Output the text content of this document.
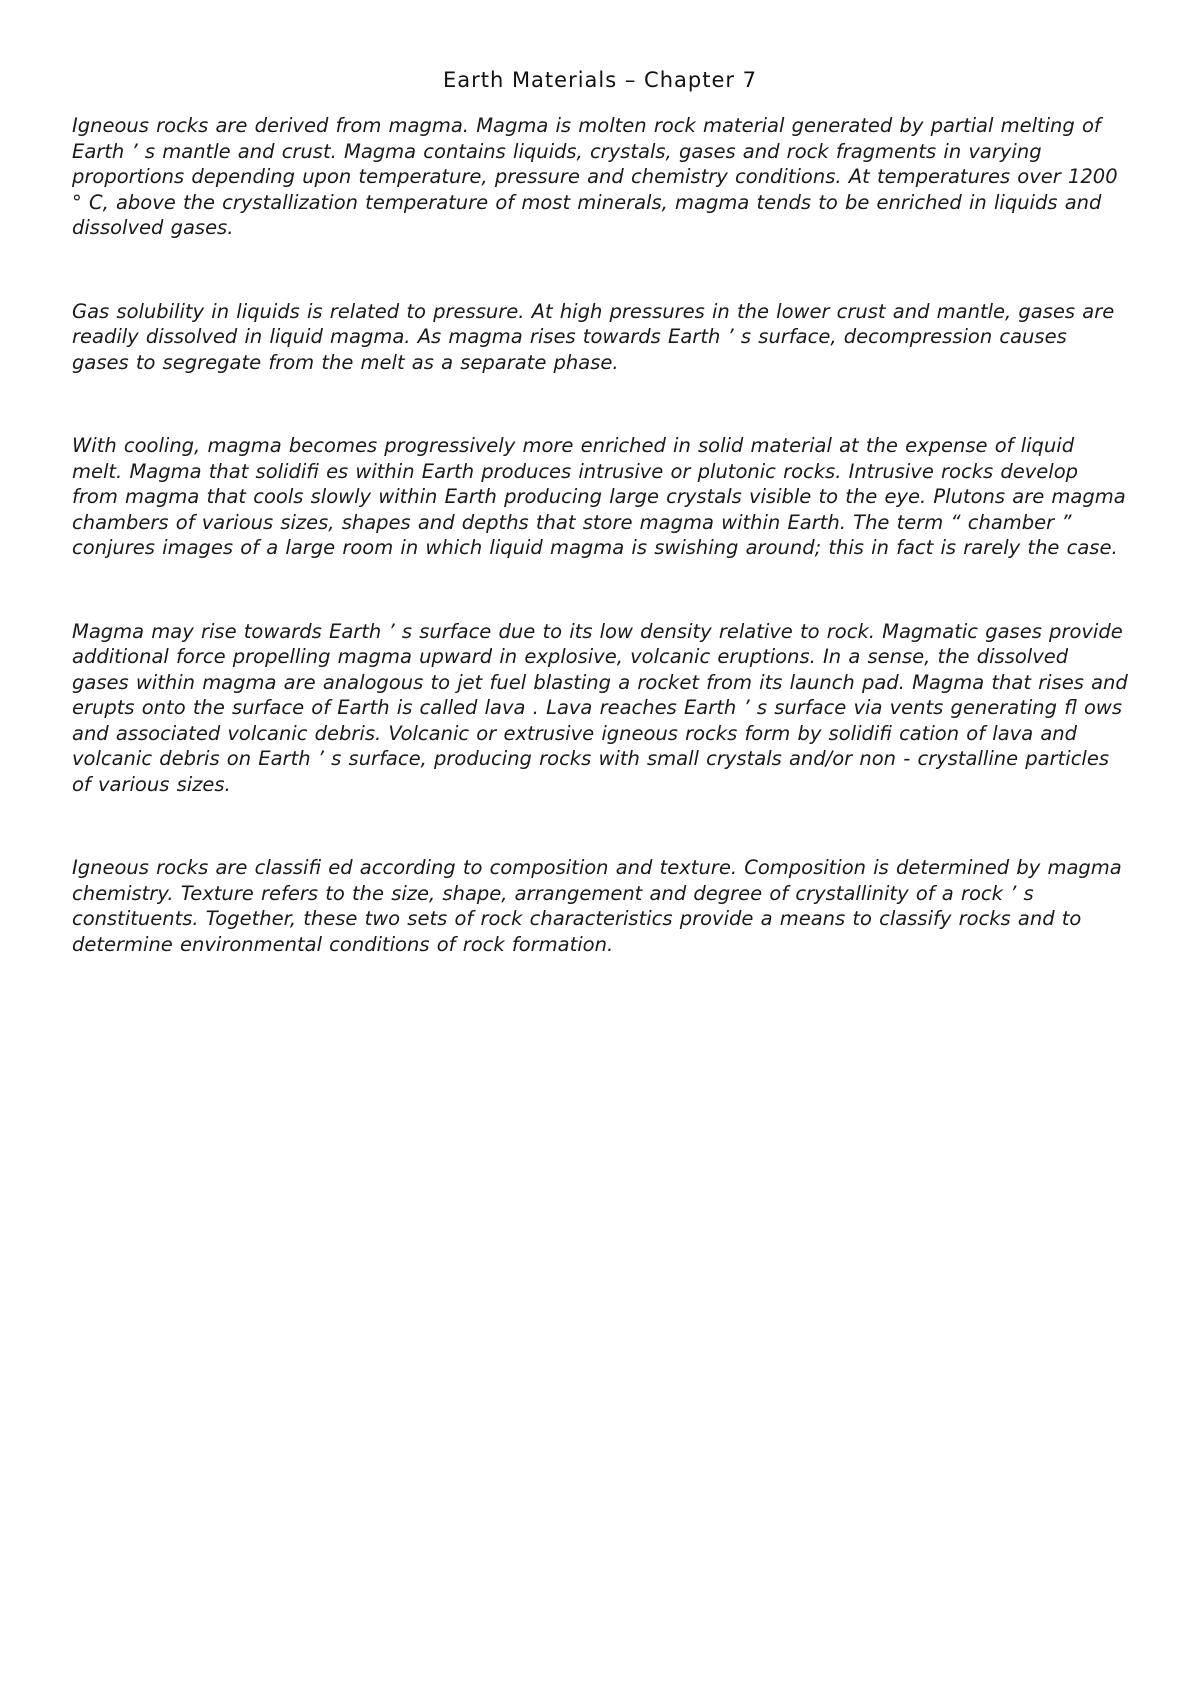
Earth Materials – Chapter 7

Igneous rocks are derived from magma. Magma is molten rock material generated by partial melting of Earth ’ s mantle and crust. Magma contains liquids, crystals, gases and rock fragments in varying proportions depending upon temperature, pressure and chemistry conditions. At temperatures over 1200 ° C, above the crystallization temperature of most minerals, magma tends to be enriched in liquids and dissolved gases.

Gas solubility in liquids is related to pressure. At high pressures in the lower crust and mantle, gases are readily dissolved in liquid magma. As magma rises towards Earth ’ s surface, decompression causes gases to segregate from the melt as a separate phase.

With cooling, magma becomes progressively more enriched in solid material at the expense of liquid melt. Magma that solidifi es within Earth produces intrusive or plutonic rocks. Intrusive rocks develop from magma that cools slowly within Earth producing large crystals visible to the eye. Plutons are magma chambers of various sizes, shapes and depths that store magma within Earth. The term “ chamber ” conjures images of a large room in which liquid magma is swishing around; this in fact is rarely the case.

Magma may rise towards Earth ’ s surface due to its low density relative to rock. Magmatic gases provide additional force propelling magma upward in explosive, volcanic eruptions. In a sense, the dissolved gases within magma are analogous to jet fuel blasting a rocket from its launch pad. Magma that rises and erupts onto the surface of Earth is called lava . Lava reaches Earth ’ s surface via vents generating fl ows and associated volcanic debris. Volcanic or extrusive igneous rocks form by solidifi cation of lava and volcanic debris on Earth ’ s surface, producing rocks with small crystals and/or non - crystalline particles of various sizes.

Igneous rocks are classifi ed according to composition and texture. Composition is determined by magma chemistry. Texture refers to the size, shape, arrangement and degree of crystallinity of a rock ’ s constituents. Together, these two sets of rock characteristics provide a means to classify rocks and to determine environmental conditions of rock formation.
